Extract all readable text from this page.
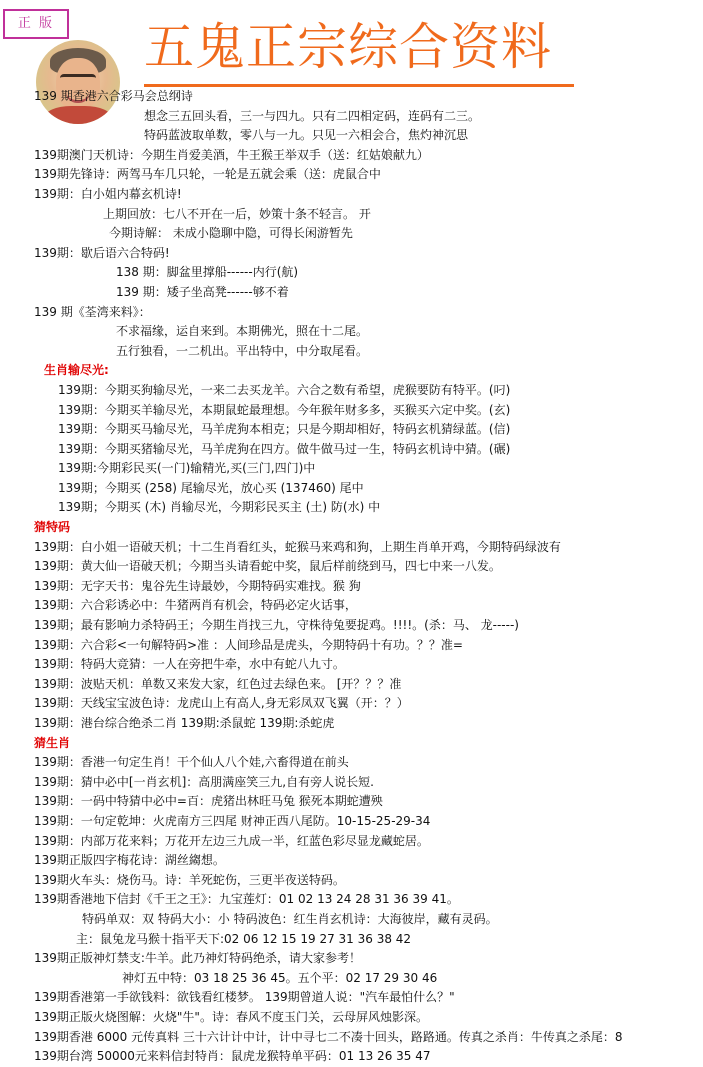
正 版 五鬼正宗综合资料
139 期香港六合彩马会总纲诗
想念三五回头看，三一与四九。只有二四相定码，连码有二三。
特码蓝波取单数，零八与一九。只见一六相会合，焦灼神沉思
139期澳门天机诗：今期生肖爱美酒，牛王猴王举双手（送：红姑娘献九）
139期先锋诗：两驾马车几只轮，一轮是五就会乘（送：虎鼠合中
139期：白小姐内幕玄机诗!
上期回放：七八不开在一后，妙策十条不轻言。 开
今期诗解： 未成小隐聊中隐，可得长闲游暂先
139期：歇后语六合特码!
138 期：脚盆里撑船------内行(航)
139 期：矮子坐高凳------够不着
139 期《荃湾来料》：
不求福缘，运自来到。本期佛光，照在十二尾。
五行独看，一二机出。平出特中，中分取尾看。
生肖输尽光:
139期：今期买狗输尽光，一来二去买龙羊。六合之数有希望，虎猴要防有特平。(叼)
139期：今期买羊输尽光，本期鼠蛇最理想。今年猴年财多多，买猴买六定中奖。(玄)
139期：今期买马输尽光，马羊虎狗本相克；只是今期却相好，特码玄机猜绿蓝。(信)
139期：今期买猪输尽光，马羊虎狗在四方。做牛做马过一生，特码玄机诗中猜。(碾)
139期:今期彩民买(一门)输精光,买(三门,四门)中
139期；今期买 (258) 尾输尽光，放心买 (137460) 尾中
139期；今期买 (木) 肖输尽光，今期彩民买主 (土) 防(水) 中
猜特码
139期：白小姐一语破天机；十二生肖看红头，蛇猴马来鸡和狗，上期生肖单开鸡，今期特码绿波有
139期：黄大仙一语破天机；今期当头请看蛇中奖，鼠后样前绕到马，四七中来一八发。
139期：无字天书：鬼谷先生诗最妙，今期特码实难找。猴 狗
139期：六合彩诱必中：牛猪两肖有机会，特码必定火话事，
139期；最有影响力杀特码王；今期生肖找三九，守株待兔要捉鸡。!!!!。(杀：马、 龙-----)
139期：六合彩<一句解特码>准 ：人间珍品是虎头，今期特码十有功。？？准=
139期：特码大竞猜：一人在旁把牛牵，水中有蛇八九寸。
139期：波贴天机：单数又来发大家，红色过去绿色来。 [开？？？准
139期：天线宝宝波色诗：龙虎山上有高人,身无彩凤双飞翼（开：？）
139期：港台综合绝杀二肖 139期:杀鼠蛇 139期:杀蛇虎
猜生肖
139期：香港一句定生肖！干个仙人八个娃,六畜得道在前头
139期：猜中必中[一肖玄机]：高朋满座笑三九,自有旁人说长短.
139期：一码中特猜中必中=百：虎猪出林旺马兔 猴死本期蛇遭殃
139期：一句定乾坤：火虎南方三四尾 财神正西八尾防。10-15-25-29-34
139期：内部万花来料；万花开左边三九成一半，红蓝色彩尽显龙藏蛇居。
139期正版四字梅花诗：湖丝縐想。
139期火车头：烧伤马。诗：羊死蛇伤，三更半夜送特码。
139期香港地下信封《千王之王》：九宝莲灯：01 02 13 24 28 31 36 39 41。
特码单双：双 特码大小：小 特码波色：红生肖玄机诗：大海彼岸，藏有灵码。
主：鼠兔龙马猴十指平天下:02 06 12 15 19 27 31 36 38 42
139期正版神灯禁支:牛羊。此乃神灯特码绝杀，请大家参考！
神灯五中特：03 18 25 36 45。五个平：02 17 29 30 46
139期香港第一手欲钱料：欲钱看红楼梦。 139期曾道人说："汽车最怕什么？"
139期正版火烧图解：火烧"牛"。诗：春风不度玉门关，云母屏风烛影深。
139期香港 6000 元传真料 三十六计计中计，计中寻七二不凑十回头，路路通。传真之杀肖：牛传真之杀尾：8
139期台湾 50000元来料信封特肖：鼠虎龙猴特单平码：01 13 26 35 47
